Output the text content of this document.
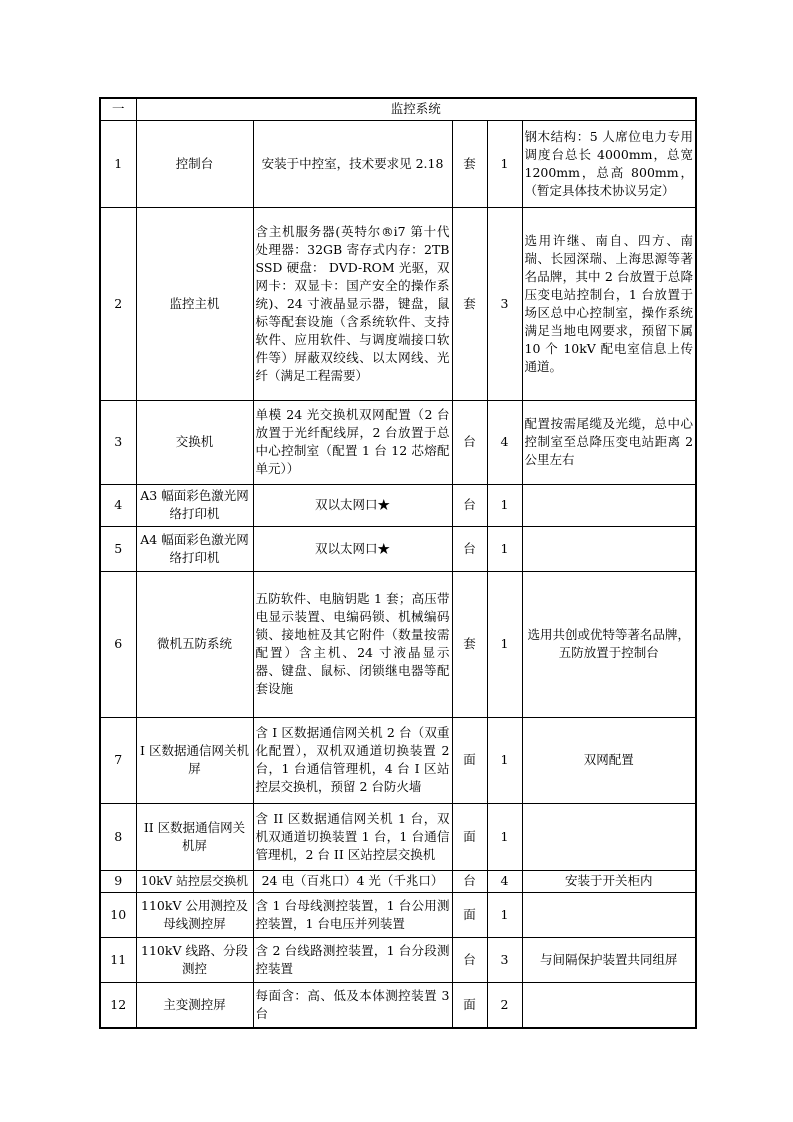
一	监控系统				
1	控制台	安装于中控室，技术要求见 2.18	套	1	钢木结构：5 人席位电力专用调度台总长 4000mm，总宽 1200mm，总高 800mm，（暂定具体技术协议另定）
2	监控主机	含主机服务器(英特尔®i7 第十代处理器：32GB 寄存式内存：2TB SSD 硬盘： DVD-ROM 光驱，双网卡：双显卡：国产安全的操作系统)、24 寸液晶显示器，键盘，鼠标等配套设施（含系统软件、支持软件、应用软件、与调度端接口软件等）屏蔽双绞线、以太网线、光纤（满足工程需要）	套	3	选用许继、南自、四方、南瑞、长园深瑞、上海思源等著名品牌，其中 2 台放置于总降压变电站控制台，1 台放置于场区总中心控制室，操作系统满足当地电网要求，预留下属 10 个 10kV 配电室信息上传通道。
3	交换机	单模 24 光交换机双网配置（2 台放置于光纤配线屏，2 台放置于总中心控制室（配置 1 台 12 芯熔配单元））	台	4	配置按需尾缆及光缆，总中心控制室至总降压变电站距离 2 公里左右
4	A3 幅面彩色激光网络打印机	双以太网口★	台	1	
5	A4 幅面彩色激光网络打印机	双以太网口★	台	1	
6	微机五防系统	五防软件、电脑钥匙 1 套；高压带电显示装置、电编码锁、机械编码锁、接地桩及其它附件（数量按需配置）含主机、24 寸液晶显示器、键盘、鼠标、闭锁继电器等配套设施	套	1	选用共创或优特等著名品牌，五防放置于控制台
7	I 区数据通信网关机屏	含 I 区数据通信网关机 2 台（双重化配置），双机双通道切换装置 2 台，1 台通信管理机，4 台 I 区站控层交换机，预留 2 台防火墙	面	1	双网配置
8	II 区数据通信网关机屏	含 II 区数据通信网关机 1 台，双机双通道切换装置 1 台，1 台通信管理机，2 台 II 区站控层交换机	面	1	
9	10kV 站控层交换机	24 电（百兆口）4 光（千兆口）	台	4	安装于开关柜内
10	110kV 公用测控及母线测控屏	含 1 台母线测控装置，1 台公用测控装置，1 台电压并列装置	面	1	
11	110kV 线路、分段测控	含 2 台线路测控装置，1 台分段测控装置	台	3	与间隔保护装置共同组屏
12	主变测控屏	每面含：高、低及本体测控装置 3 台	面	2	
